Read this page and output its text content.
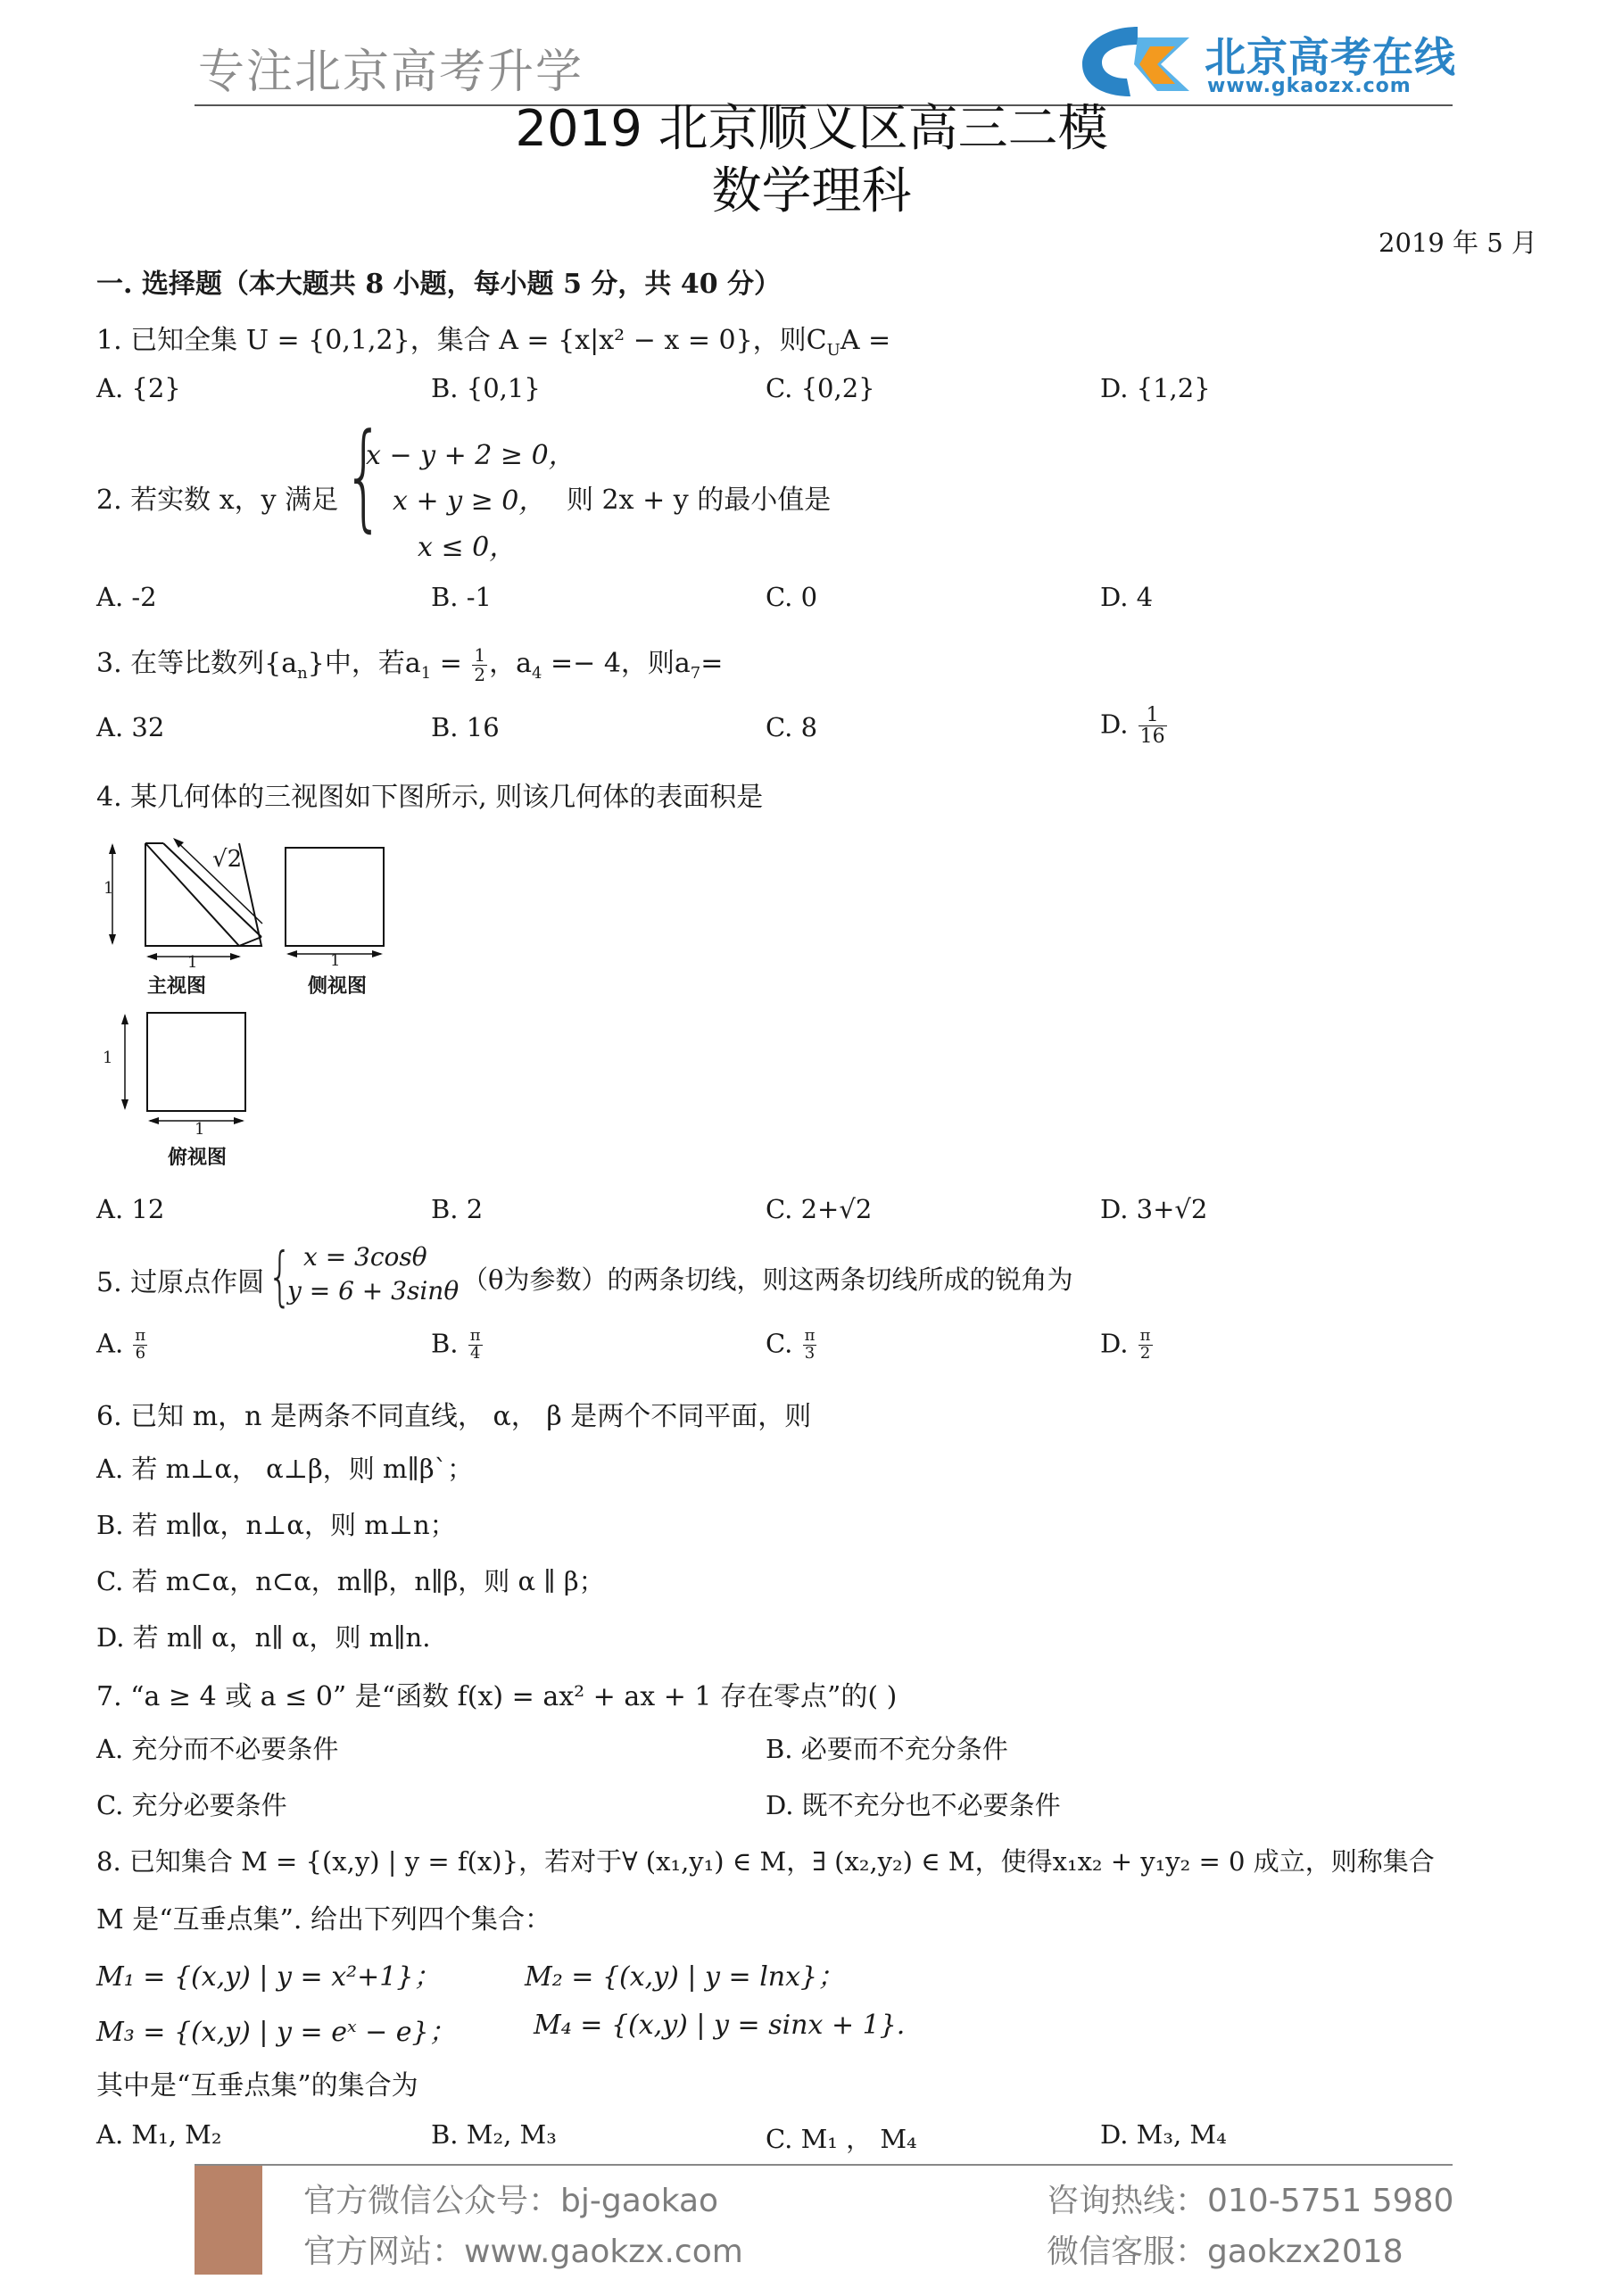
专注北京高考升学	北京高考在线
www.gkaozx.com
2019 北京顺义区高三二模
数学理科
2019 年 5 月
一. 选择题（本大题共 8 小题，每小题 5 分，共 40 分）
1. 已知全集 U = {0,1,2}，集合 A = {x|x² − x = 0}，则$C_UA$ =
A. {2}	B. {0,1}	C. {0,2}	D. {1,2}
2. 若实数 x，y 满足 {
x − y + 2 ≥ 0，
x + y ≥ 0，
x ≤ 0，
则 2x + y 的最小值是
A. -2	B. -1	C. 0	D. 4
3. 在等比数列$\{a_n\}$中，若$a_1 = \frac{1}{2}$ ，$a_4 =- 4$，则$a_7=$
A. 32	B. 16	C. 8	D. $\frac{1}{16}$
4. 某几何体的三视图如下图所示, 则该几何体的表面积是
1
1
√2
主视图
1
侧视图
1
1
俯视图
A. 12	B. 2	C. 2+√2	D. 3+√2
5. 过原点作圆 { x = 3cosθ
y = 6 + 3sinθ （θ为参数）的两条切线，则这两条切线所成的锐角为
A. $\frac{\pi}{6}$	B. $\frac{\pi}{4}$	C. $\frac{\pi}{3}$	D. $\frac{\pi}{2}$
6. 已知 m，n 是两条不同直线， α， β 是两个不同平面，则
A. 若 m⊥α， α⊥β，则 m∥β`；
B. 若 m∥α，n⊥α，则 m⊥n；
C. 若 m⊂α，n⊂α，m∥β，n∥β，则 α ∥ β；
D. 若 m∥ α，n∥ α，则 m∥n.
7. “a ≥ 4 或 a ≤ 0” 是“函数 f(x) = ax² + ax + 1 存在零点”的( )
A. 充分而不必要条件	B. 必要而不充分条件
C. 充分必要条件	D. 既不充分也不必要条件
8. 已知集合 M = {(x,y) | y = f(x)}，若对于∀ (x₁,y₁) ∈ M，∃ (x₂,y₂) ∈ M，使得x₁x₂ + y₁y₂ = 0 成立，则称集合
M 是“互垂点集”. 给出下列四个集合：
M₁ = {(x,y) | y = x²+1}；	M₂ = {(x,y) | y = lnx}；
M₃ = {(x,y) | y = eˣ − e}；	M₄ = {(x,y) | y = sinx + 1}.
其中是“互垂点集”的集合为
A. M₁, M₂	B. M₂, M₃	C. M₁ ， M₄	D. M₃, M₄
官方微信公众号：bj-gaokao	咨询热线：010-5751 5980
官方网站：www.gaokzx.com	微信客服：gaokzx2018
